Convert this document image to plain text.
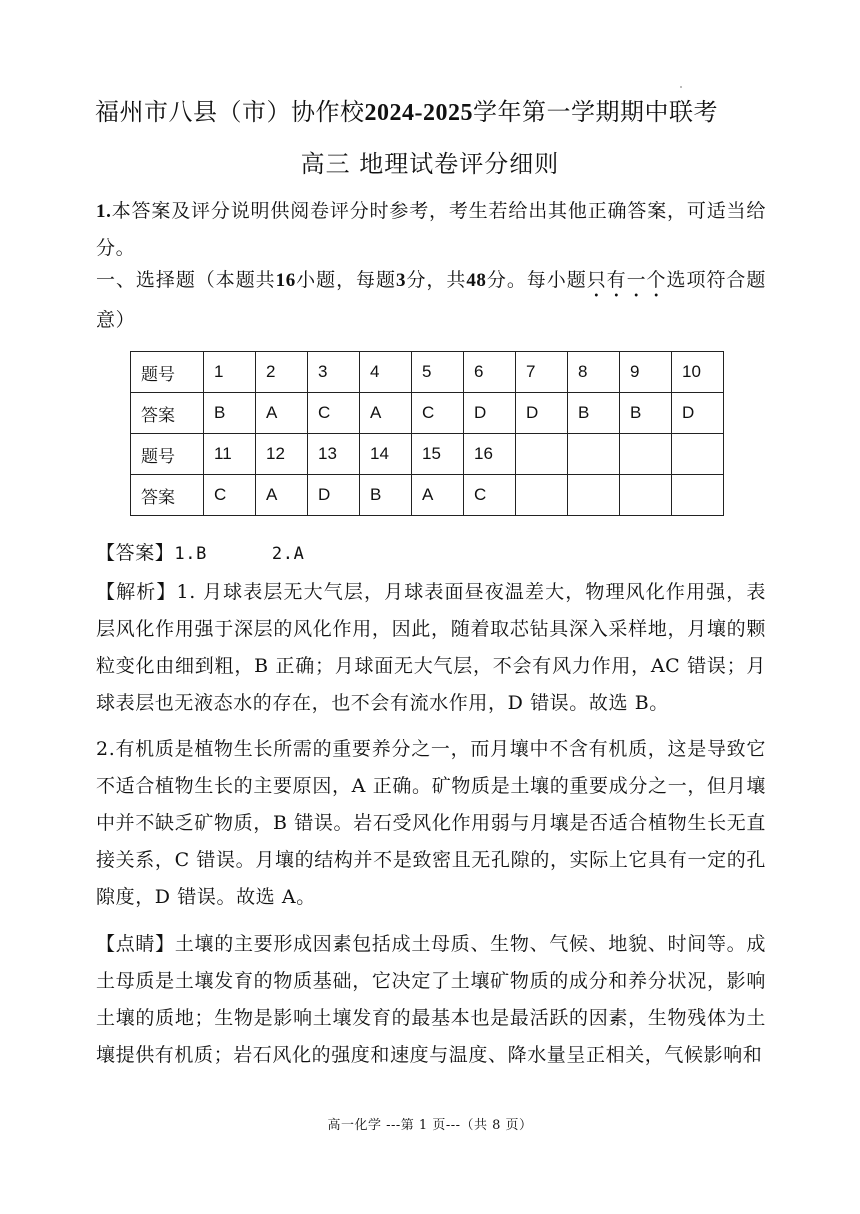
福州市八县（市）协作校2024-2025学年第一学期期中联考
高三 地理试卷评分细则
1.本答案及评分说明供阅卷评分时参考，考生若给出其他正确答案，可适当给分。
一、选择题（本题共16小题，每题3分，共48分。每小题只有一个选项符合题意）
题号	1	2	3	4	5	6	7	8	9	10
答案	B	A	C	A	C	D	D	B	B	D
题号	11	12	13	14	15	16				
答案	C	A	D	B	A	C				
【答案】1.B      2.A
【解析】1. 月球表层无大气层，月球表面昼夜温差大，物理风化作用强，表层风化作用强于深层的风化作用，因此，随着取芯钻具深入采样地，月壤的颗粒变化由细到粗，B 正确；月球面无大气层，不会有风力作用，AC 错误；月球表层也无液态水的存在，也不会有流水作用，D 错误。故选 B。
2.有机质是植物生长所需的重要养分之一，而月壤中不含有机质，这是导致它不适合植物生长的主要原因，A 正确。矿物质是土壤的重要成分之一，但月壤中并不缺乏矿物质，B 错误。岩石受风化作用弱与月壤是否适合植物生长无直接关系，C 错误。月壤的结构并不是致密且无孔隙的，实际上它具有一定的孔隙度，D 错误。故选 A。
【点睛】土壤的主要形成因素包括成土母质、生物、气候、地貌、时间等。成土母质是土壤发育的物质基础，它决定了土壤矿物质的成分和养分状况，影响土壤的质地；生物是影响土壤发育的最基本也是最活跃的因素，生物残体为土壤提供有机质；岩石风化的强度和速度与温度、降水量呈正相关，气候影响和
高一化学 ---第 1 页---（共 8 页）
